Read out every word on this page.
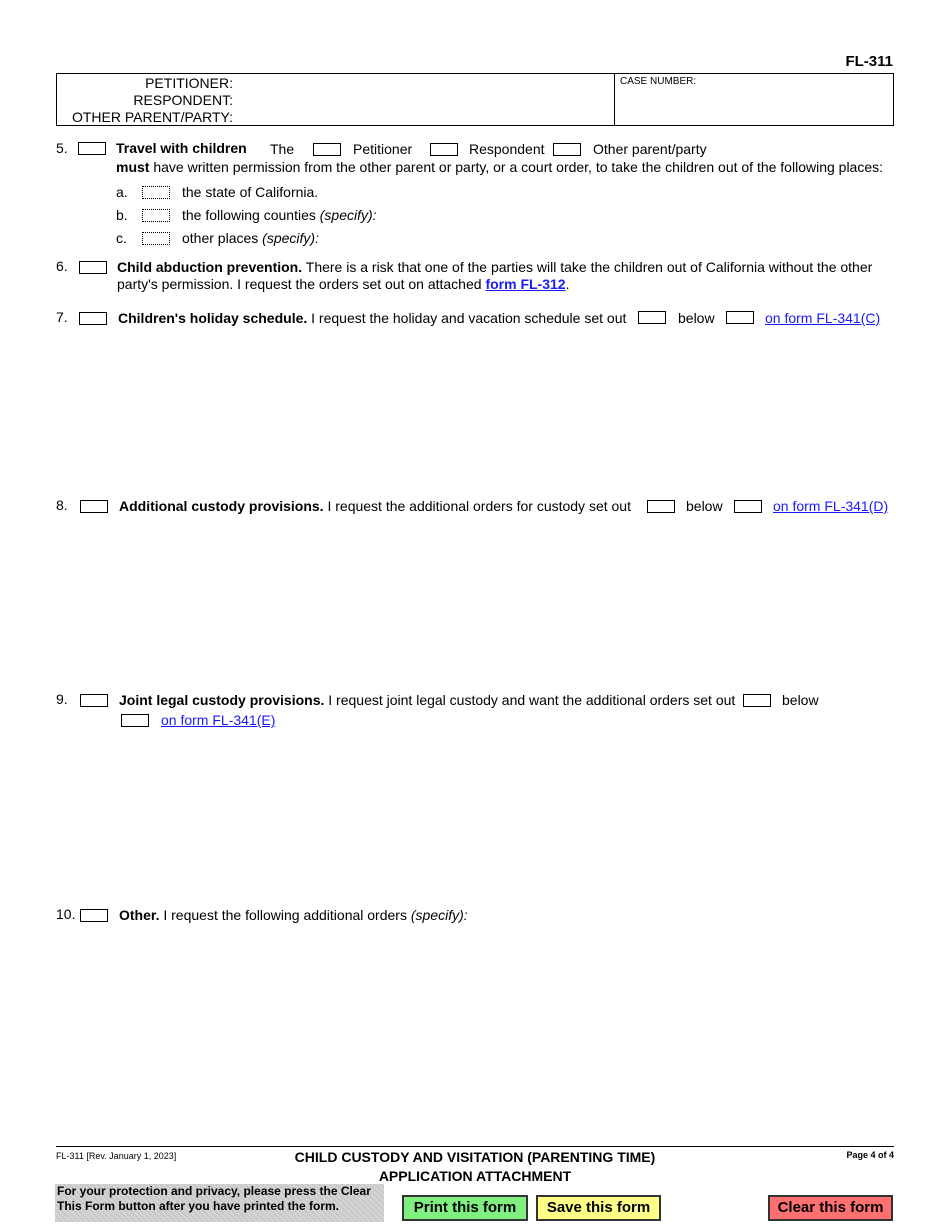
FL-311
PETITIONER:
RESPONDENT:
OTHER PARENT/PARTY:
CASE NUMBER:
5.	Travel with children The	Petitioner	Respondent	Other parent/party
must have written permission from the other parent or party, or a court order, to take the children out of the following places:
a.	the state of California.
b.	the following counties (specify):
c.	other places (specify):
6.	Child abduction prevention. There is a risk that one of the parties will take the children out of California without the other
party's permission. I request the orders set out on attached form FL-312.
7.	Children's holiday schedule. I request the holiday and vacation schedule set out	below	on form FL-341(C)
8.	Additional custody provisions. I request the additional orders for custody set out	below	on form FL-341(D)
9.	Joint legal custody provisions. I request joint legal custody and want the additional orders set out	below
on form FL-341(E)
10.	Other. I request the following additional orders (specify):
FL-311 [Rev. January 1, 2023]	CHILD CUSTODY AND VISITATION (PARENTING TIME)
APPLICATION ATTACHMENT
Page 4 of 4
For your protection and privacy, please press the Clear
This Form button after you have printed the form.	Print this form	Save this form	Clear this form
